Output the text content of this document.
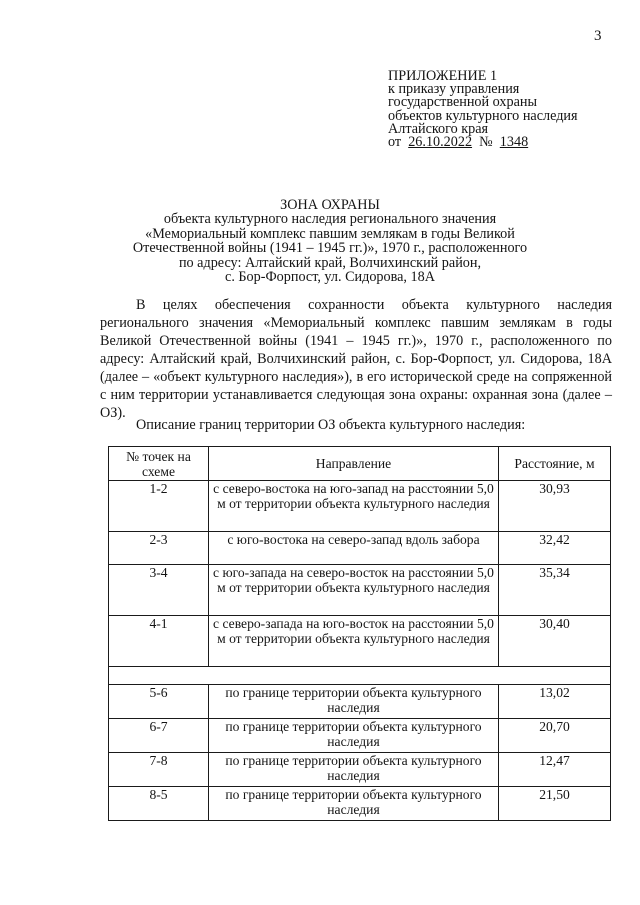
3
ПРИЛОЖЕНИЕ 1
к приказу управления
государственной охраны
объектов культурного наследия
Алтайского края
от 26.10.2022 № 1348
ЗОНА ОХРАНЫ
объекта культурного наследия регионального значения
«Мемориальный комплекс павшим землякам в годы Великой
Отечественной войны (1941 – 1945 гг.)», 1970 г., расположенного
по адресу: Алтайский край, Волчихинский район,
с. Бор-Форпост, ул. Сидорова, 18А

В целях обеспечения сохранности объекта культурного наследия регионального значения «Мемориальный комплекс павшим землякам в годы Великой Отечественной войны (1941 – 1945 гг.)», 1970 г., расположенного по адресу: Алтайский край, Волчихинский район, с. Бор-Форпост, ул. Сидорова, 18А (далее – «объект культурного наследия»), в его исторической среде на сопряженной с ним территории устанавливается следующая зона охраны: охранная зона (далее – ОЗ).

Описание границ территории ОЗ объекта культурного наследия:
№ точек на схеме	Направление	Расстояние, м
1-2	с северо-востока на юго-запад на расстоянии 5,0 м от территории объекта культурного наследия	30,93
2-3	с юго-востока на северо-запад вдоль забора	32,42
3-4	с юго-запада на северо-восток на расстоянии 5,0 м от территории объекта культурного наследия	35,34
4-1	с северо-запада на юго-восток на расстоянии 5,0 м от территории объекта культурного наследия	30,40

5-6	по границе территории объекта культурного наследия	13,02
6-7	по границе территории объекта культурного наследия	20,70
7-8	по границе территории объекта культурного наследия	12,47
8-5	по границе территории объекта культурного наследия	21,50
